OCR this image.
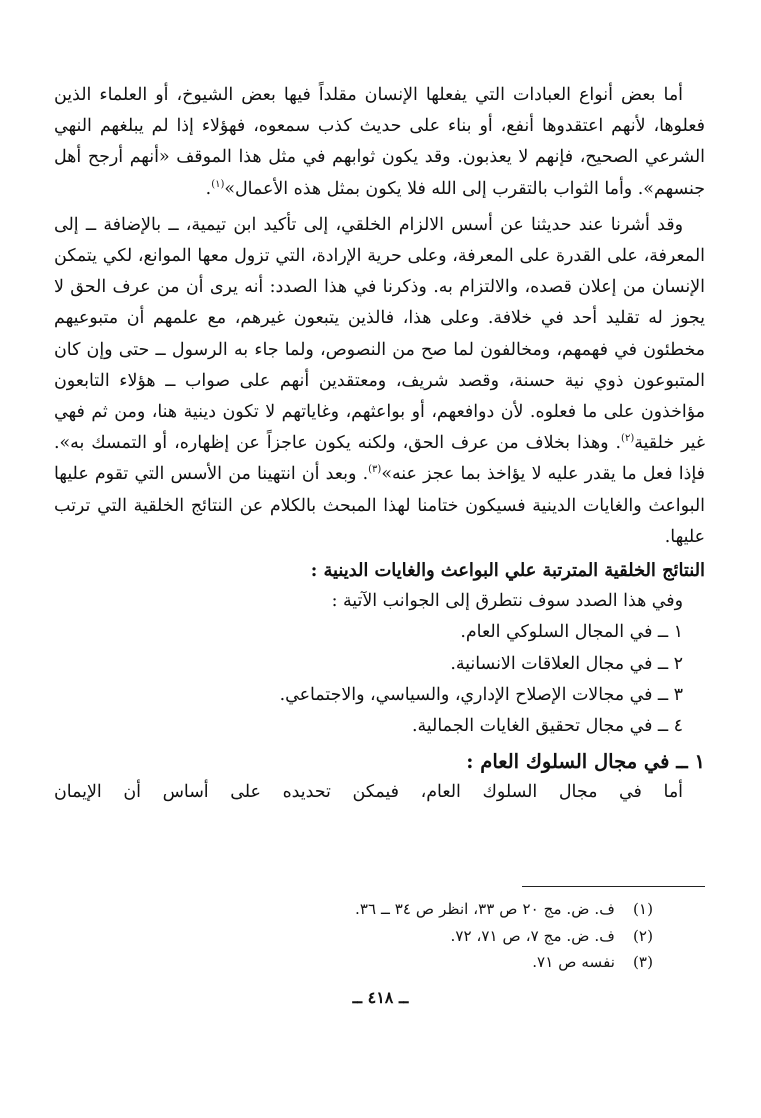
أما بعض أنواع العبادات التي يفعلها الإنسان مقلداً فيها بعض الشيوخ، أو العلماء الذين فعلوها، لأنهم اعتقدوها أنفع، أو بناء على حديث كذب سمعوه، فهؤلاء إذا لم يبلغهم النهي الشرعي الصحيح، فإنهم لا يعذبون. وقد يكون ثوابهم في مثل هذا الموقف «أنهم أرجح أهل جنسهم». وأما الثواب بالتقرب إلى الله فلا يكون بمثل هذه الأعمال»$^{(١)}$.

وقد أشرنا عند حديثنا عن أسس الالزام الخلقي، إلى تأكيد ابن تيمية، ــ بالإضافة ــ إلى المعرفة، على القدرة على المعرفة، وعلى حرية الإرادة، التي تزول معها الموانع، لكي يتمكن الإنسان من إعلان قصده، والالتزام به. وذكرنا في هذا الصدد: أنه يرى أن من عرف الحق لا يجوز له تقليد أحد في خلافة. وعلى هذا، فالذين يتبعون غيرهم، مع علمهم أن متبوعيهم مخطئون في فهمهم، ومخالفون لما صح من النصوص، ولما جاء به الرسول ــ حتى وإن كان المتبوعون ذوي نية حسنة، وقصد شريف، ومعتقدين أنهم على صواب ــ هؤلاء التابعون مؤاخذون على ما فعلوه. لأن دوافعهم، أو بواعثهم، وغاياتهم لا تكون دينية هنا، ومن ثم فهي غير خلقية$^{(٢)}$. وهذا بخلاف من عرف الحق، ولكنه يكون عاجزاً عن إظهاره، أو التمسك به». فإذا فعل ما يقدر عليه لا يؤاخذ بما عجز عنه»$^{(٣)}$. وبعد أن انتهينا من الأسس التي تقوم عليها البواعث والغايات الدينية فسيكون ختامنا لهذا المبحث بالكلام عن النتائج الخلقية التي ترتب عليها.

النتائج الخلقية المترتبة علي البواعث والغايات الدينية :

وفي هذا الصدد سوف نتطرق إلى الجوانب الآتية :

١ ــ في المجال السلوكي العام.

٢ ــ في مجال العلاقات الانسانية.

٣ ــ في مجالات الإصلاح الإداري، والسياسي، والاجتماعي.

٤ ــ في مجال تحقيق الغايات الجمالية.

١ ــ في مجال السلوك العام :

أما في مجال السلوك العام، فيمكن تحديده على أساس أن الإيمان

(١)ف. ض. مج ٢٠ ص ٣٣، انظر ص ٣٤ ــ ٣٦.

(٢)ف. ض. مج ٧، ص ٧١، ٧٢.

(٣)نفسه ص ٧١.

ــ ٤١٨ ــ
